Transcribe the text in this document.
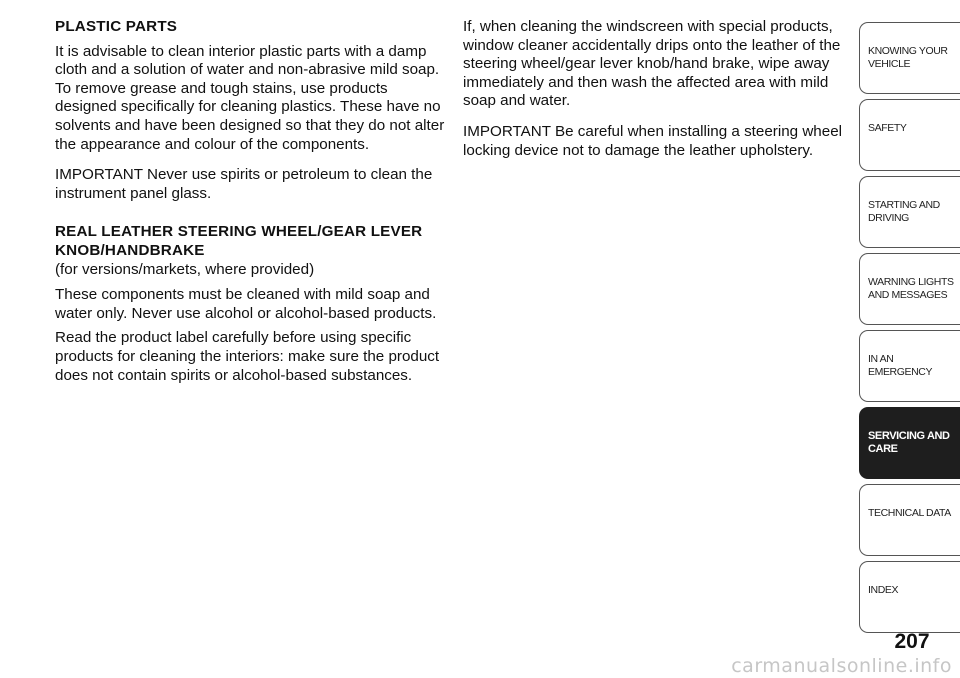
PLASTIC PARTS

It is advisable to clean interior plastic parts with a damp cloth and a solution of water and non-abrasive mild soap. To remove grease and tough stains, use products designed specifically for cleaning plastics. These have no solvents and have been designed so that they do not alter the appearance and colour of the components.

IMPORTANT Never use spirits or petroleum to clean the instrument panel glass.

REAL LEATHER STEERING WHEEL/GEAR LEVER KNOB/HANDBRAKE
(for versions/markets, where provided)

These components must be cleaned with mild soap and water only. Never use alcohol or alcohol-based products.

Read the product label carefully before using specific products for cleaning the interiors: make sure the product does not contain spirits or alcohol-based substances.

If, when cleaning the windscreen with special products, window cleaner accidentally drips onto the leather of the steering wheel/gear lever knob/hand brake, wipe away immediately and then wash the affected area with mild soap and water.

IMPORTANT Be careful when installing a steering wheel locking device not to damage the leather upholstery.

KNOWING YOUR
VEHICLE
SAFETY
STARTING AND
DRIVING
WARNING LIGHTS
AND MESSAGES
IN AN EMERGENCY
SERVICING AND
CARE
TECHNICAL DATA
INDEX
207
carmanualsonline.info
